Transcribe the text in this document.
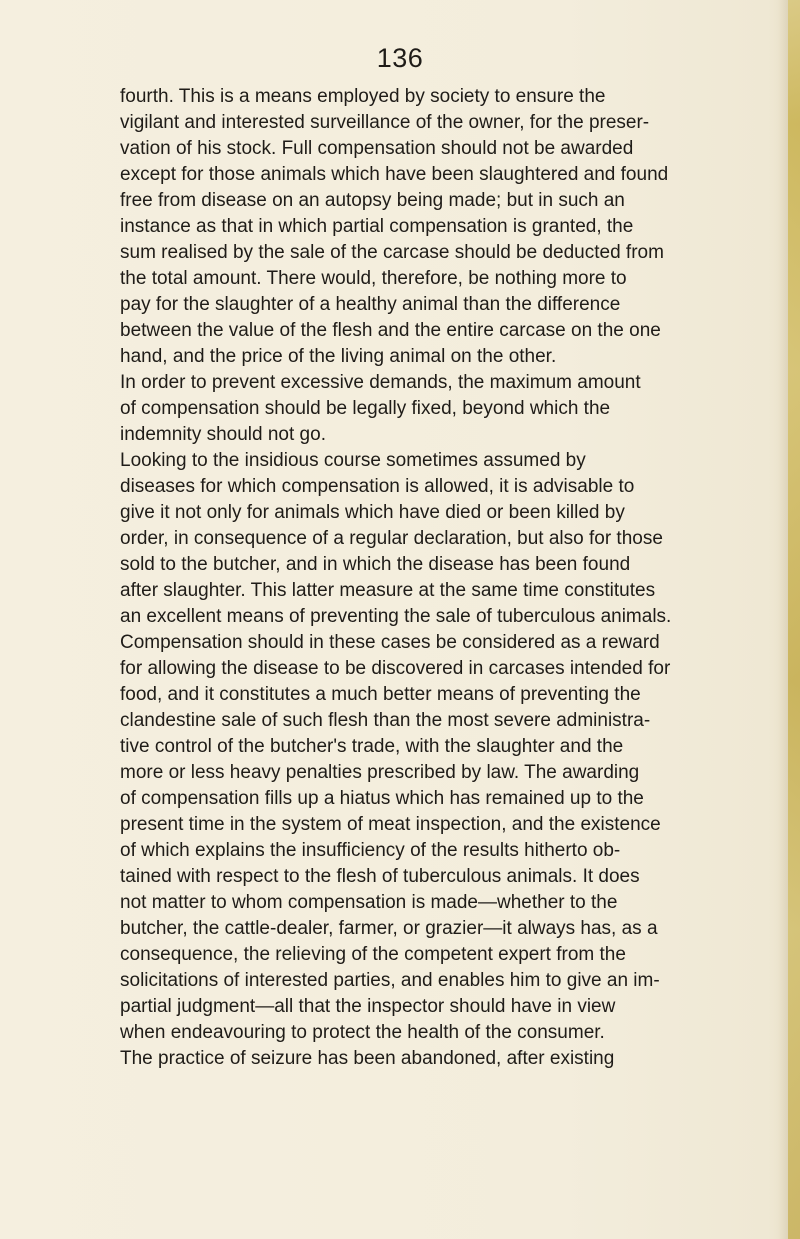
136
fourth. This is a means employed by society to ensure the
vigilant and interested surveillance of the owner, for the preser-
vation of his stock. Full compensation should not be awarded
except for those animals which have been slaughtered and found
free from disease on an autopsy being made; but in such an
instance as that in which partial compensation is granted, the
sum realised by the sale of the carcase should be deducted from
the total amount. There would, therefore, be nothing more to
pay for the slaughter of a healthy animal than the difference
between the value of the flesh and the entire carcase on the one
hand, and the price of the living animal on the other.
In order to prevent excessive demands, the maximum amount
of compensation should be legally fixed, beyond which the
indemnity should not go.
Looking to the insidious course sometimes assumed by
diseases for which compensation is allowed, it is advisable to
give it not only for animals which have died or been killed by
order, in consequence of a regular declaration, but also for those
sold to the butcher, and in which the disease has been found
after slaughter. This latter measure at the same time constitutes
an excellent means of preventing the sale of tuberculous animals.
Compensation should in these cases be considered as a reward
for allowing the disease to be discovered in carcases intended for
food, and it constitutes a much better means of preventing the
clandestine sale of such flesh than the most severe administra-
tive control of the butcher's trade, with the slaughter and the
more or less heavy penalties prescribed by law. The awarding
of compensation fills up a hiatus which has remained up to the
present time in the system of meat inspection, and the existence
of which explains the insufficiency of the results hitherto ob-
tained with respect to the flesh of tuberculous animals. It does
not matter to whom compensation is made—whether to the
butcher, the cattle-dealer, farmer, or grazier—it always has, as a
consequence, the relieving of the competent expert from the
solicitations of interested parties, and enables him to give an im-
partial judgment—all that the inspector should have in view
when endeavouring to protect the health of the consumer.
The practice of seizure has been abandoned, after existing
